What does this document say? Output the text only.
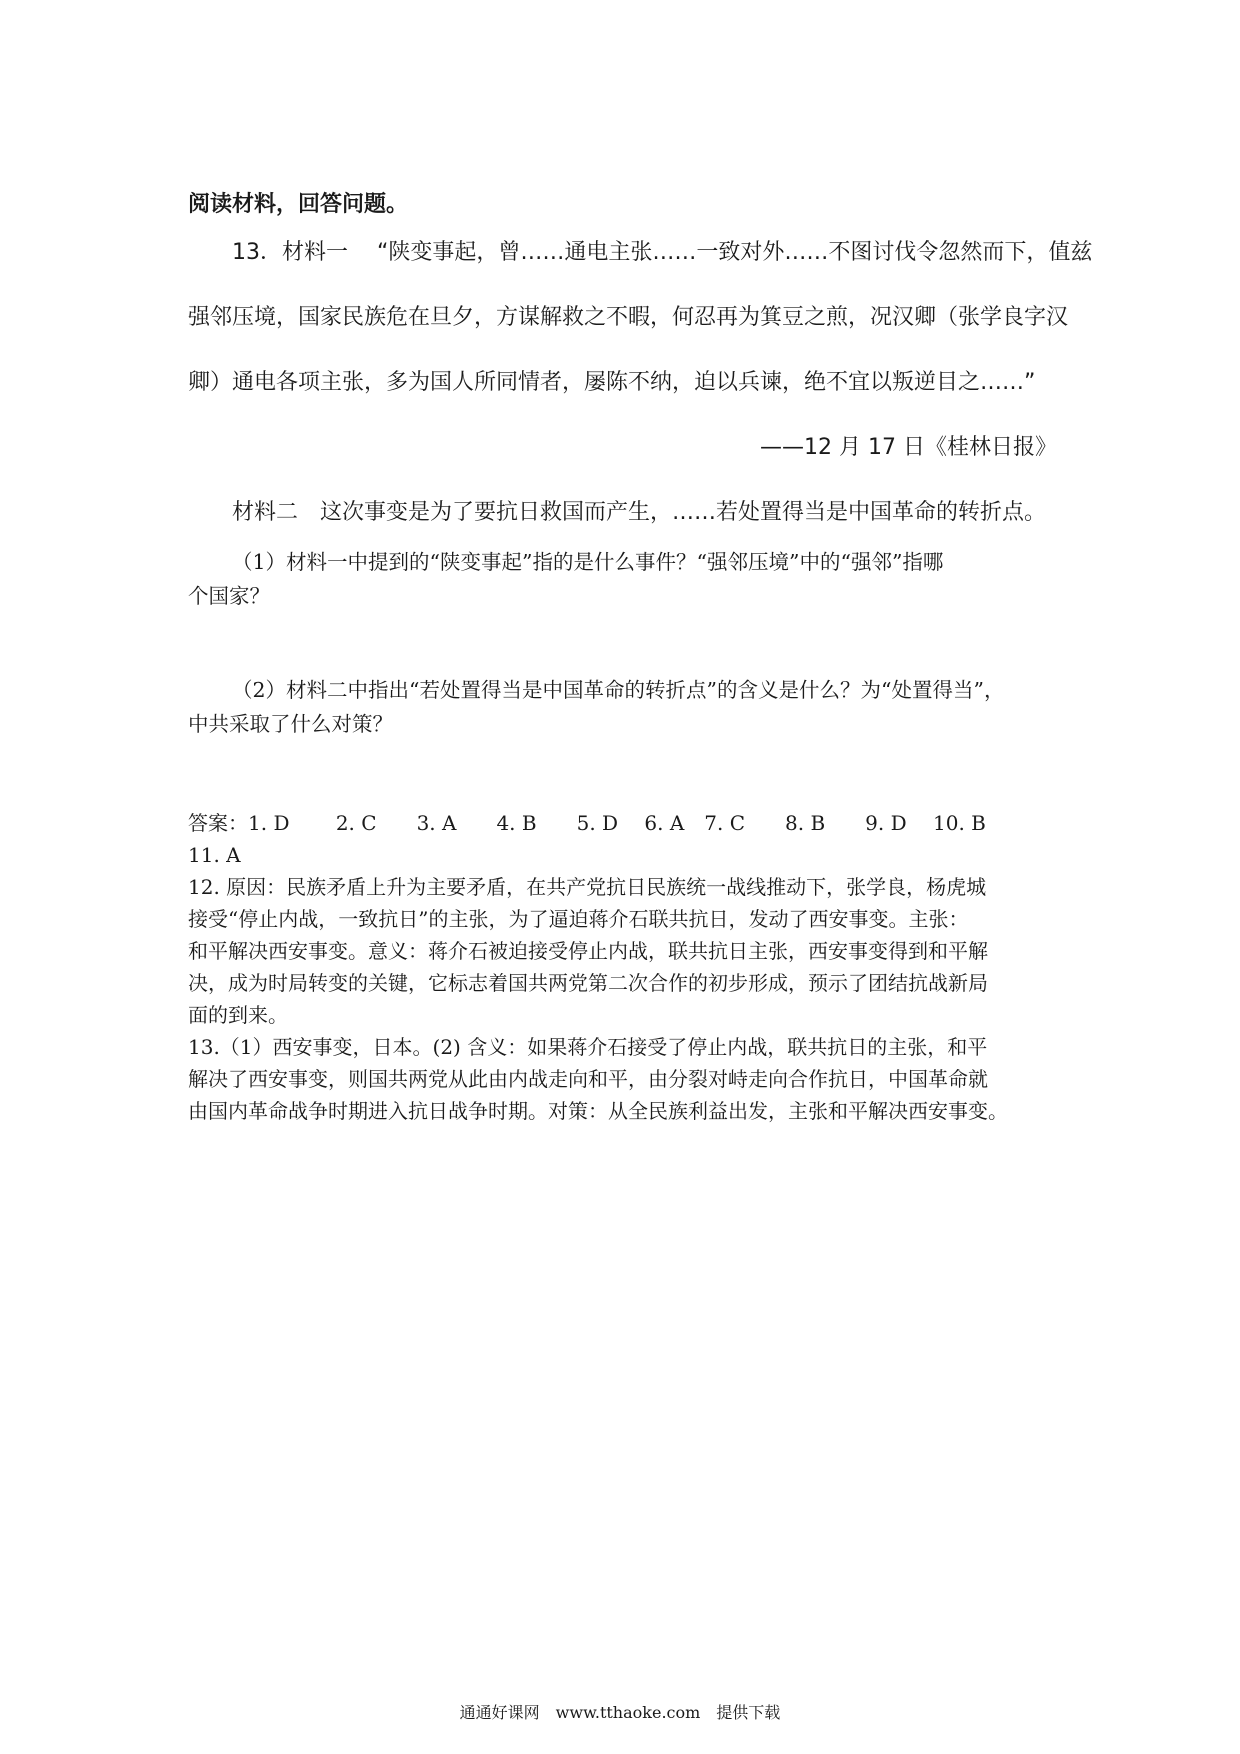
阅读材料，回答问题。
13．材料一　 “陕变事起，曾……通电主张……一致对外……不图讨伐令忽然而下，值兹
强邻压境，国家民族危在旦夕，方谋解救之不暇，何忍再为箕豆之煎，况汉卿（张学良字汉
卿）通电各项主张，多为国人所同情者，屡陈不纳，迫以兵谏，绝不宜以叛逆目之……”
——12 月 17 日《桂林日报》
材料二　这次事变是为了要抗日救国而产生，……若处置得当是中国革命的转折点。
（1）材料一中提到的“陕变事起”指的是什么事件？“强邻压境”中的“强邻”指哪
个国家？
（2）材料二中指出“若处置得当是中国革命的转折点”的含义是什么？为“处置得当”，
中共采取了什么对策？
答案：1. D　　 2. C　　3. A　　4. B　　5. D　 6. A　7. C　　8. B　　9. D　 10. B
11. A
12. 原因：民族矛盾上升为主要矛盾，在共产党抗日民族统一战线推动下，张学良，杨虎城
接受“停止内战，一致抗日”的主张，为了逼迫蒋介石联共抗日，发动了西安事变。主张：
和平解决西安事变。意义：蒋介石被迫接受停止内战，联共抗日主张，西安事变得到和平解
决，成为时局转变的关键，它标志着国共两党第二次合作的初步形成，预示了团结抗战新局
面的到来。
13.（1）西安事变，日本。(2) 含义：如果蒋介石接受了停止内战，联共抗日的主张，和平
解决了西安事变，则国共两党从此由内战走向和平，由分裂对峙走向合作抗日，中国革命就
由国内革命战争时期进入抗日战争时期。对策：从全民族利益出发，主张和平解决西安事变。
通通好课网　www.tthaoke.com　提供下载
